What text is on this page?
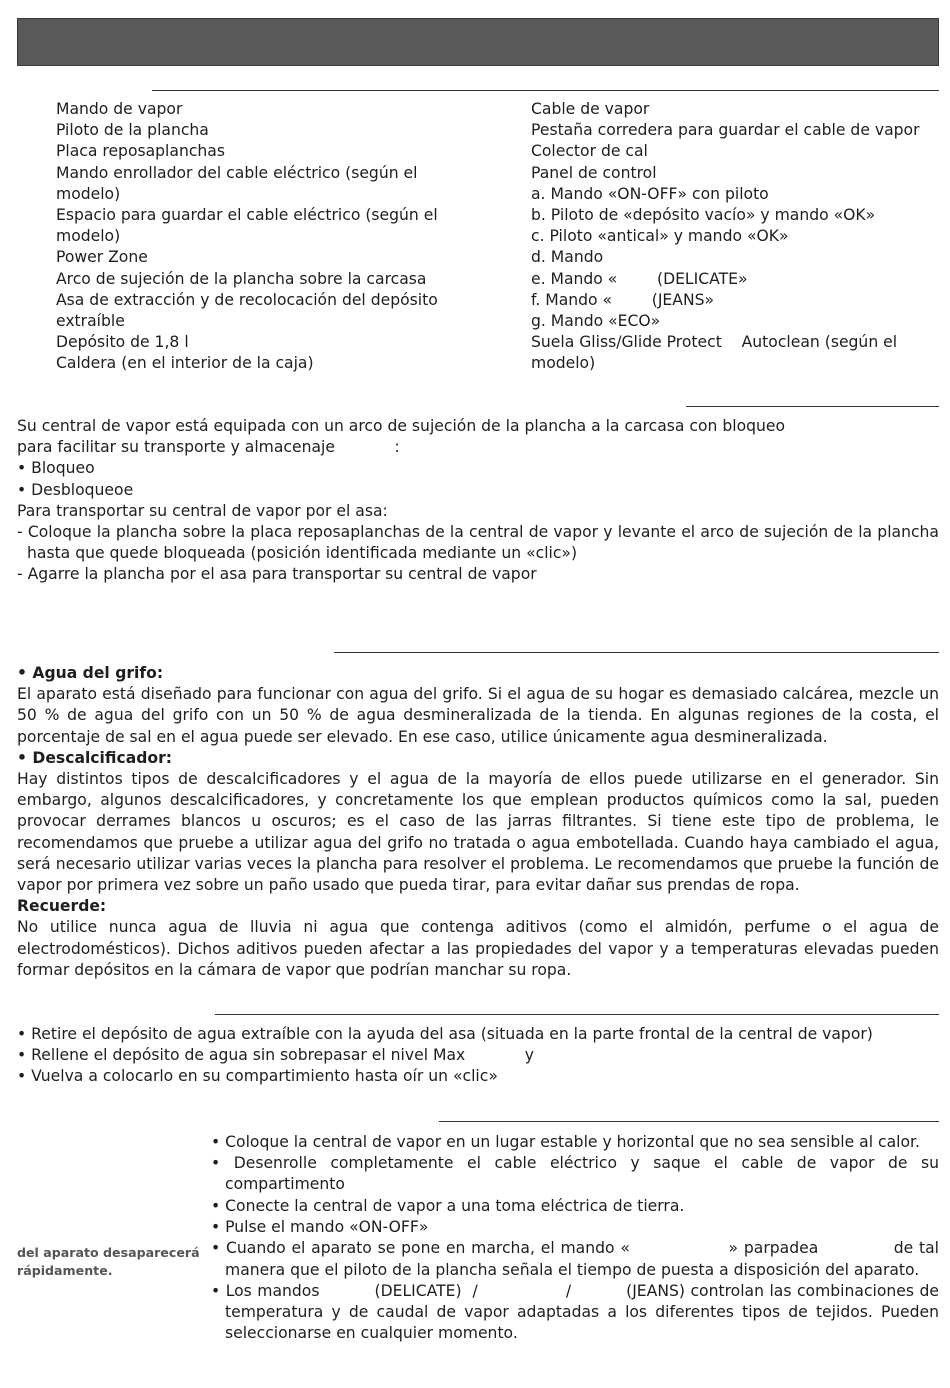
Mando de vapor
Piloto de la plancha
Placa reposaplanchas
Mando enrollador del cable eléctrico (según el modelo)
Espacio para guardar el cable eléctrico (según el modelo)
Power Zone
Arco de sujeción de la plancha sobre la carcasa
Asa de extracción y de recolocación del depósito extraíble
Depósito de 1,8 l
Caldera (en el interior de la caja)
Cable de vapor
Pestaña corredera para guardar el cable de vapor
Colector de cal
Panel de control
a. Mando «ON-OFF» con piloto
b. Piloto de «depósito vacío» y mando «OK»
c. Piloto «antical» y mando «OK»
d. Mando
e. Mando «        (DELICATE»
f. Mando «        (JEANS»
g. Mando «ECO»
Suela Gliss/Glide Protect    Autoclean (según el modelo)
Su central de vapor está equipada con un arco de sujeción de la plancha a la carcasa con bloqueo
para facilitar su transporte y almacenaje            :
• Bloqueo
• Desbloqueoe
Para transportar su central de vapor por el asa:
- Coloque la plancha sobre la placa reposaplanchas de la central de vapor y levante el arco de sujeción de la plancha hasta que quede bloqueada (posición identificada mediante un «clic»)
- Agarre la plancha por el asa para transportar su central de vapor

• Agua del grifo:

El aparato está diseñado para funcionar con agua del grifo. Si el agua de su hogar es demasiado calcárea, mezcle un 50 % de agua del grifo con un 50 % de agua desmineralizada de la tienda. En algunas regiones de la costa, el porcentaje de sal en el agua puede ser elevado. En ese caso, utilice únicamente agua desmineralizada.

• Descalcificador:

Hay distintos tipos de descalcificadores y el agua de la mayoría de ellos puede utilizarse en el generador. Sin embargo, algunos descalcificadores, y concretamente los que emplean productos químicos como la sal, pueden provocar derrames blancos u oscuros; es el caso de las jarras filtrantes. Si tiene este tipo de problema, le recomendamos que pruebe a utilizar agua del grifo no tratada o agua embotellada. Cuando haya cambiado el agua, será necesario utilizar varias veces la plancha para resolver el problema. Le recomendamos que pruebe la función de vapor por primera vez sobre un paño usado que pueda tirar, para evitar dañar sus prendas de ropa.

Recuerde:

No utilice nunca agua de lluvia ni agua que contenga aditivos (como el almidón, perfume o el agua de electrodomésticos). Dichos aditivos pueden afectar a las propiedades del vapor y a temperaturas elevadas pueden formar depósitos en la cámara de vapor que podrían manchar su ropa.

• Retire el depósito de agua extraíble con la ayuda del asa (situada en la parte frontal de la central de vapor)
• Rellene el depósito de agua sin sobrepasar el nivel Max            y
• Vuelva a colocarlo en su compartimiento hasta oír un «clic»
• Coloque la central de vapor en un lugar estable y horizontal que no sea sensible al calor.
• Desenrolle completamente el cable eléctrico y saque el cable de vapor de su compartimento
• Conecte la central de vapor a una toma eléctrica de tierra.
• Pulse el mando «ON-OFF»
• Cuando el aparato se pone en marcha, el mando «                 » parpadea             de tal manera que el piloto de la plancha señala el tiempo de puesta a disposición del aparato.
• Los mandos          (DELICATE)  /                /          (JEANS) controlan las combinaciones de temperatura y de caudal de vapor adaptadas a los diferentes tipos de tejidos. Pueden seleccionarse en cualquier momento.
del aparato desaparecerá rápidamente.
